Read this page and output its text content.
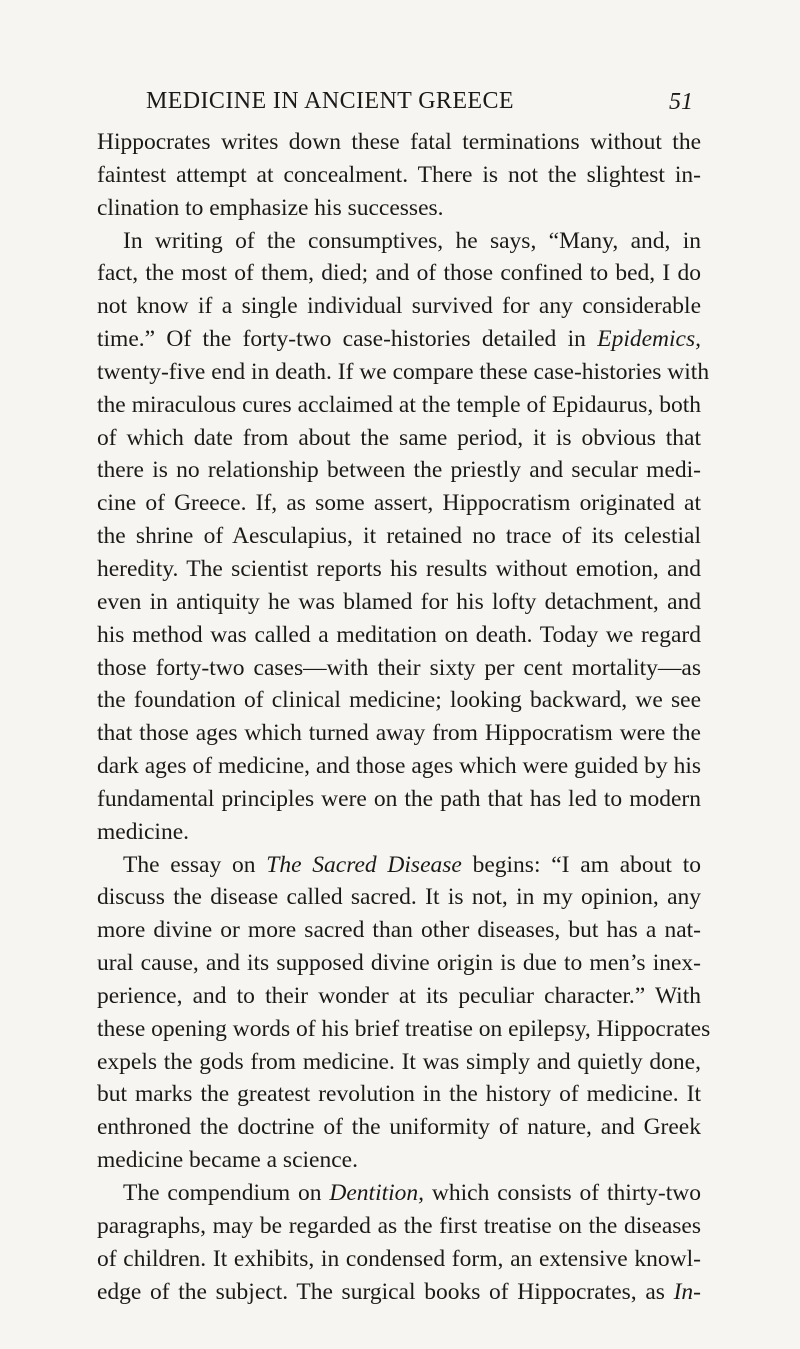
MEDICINE IN ANCIENT GREECE	51
Hippocrates writes down these fatal terminations without the
faintest attempt at concealment. There is not the slightest in-
clination to emphasize his successes.
In writing of the consumptives, he says, “Many, and, in
fact, the most of them, died; and of those confined to bed, I do
not know if a single individual survived for any considerable
time.” Of the forty-two case-histories detailed in Epidemics,
twenty-five end in death. If we compare these case-histories with
the miraculous cures acclaimed at the temple of Epidaurus, both
of which date from about the same period, it is obvious that
there is no relationship between the priestly and secular medi-
cine of Greece. If, as some assert, Hippocratism originated at
the shrine of Aesculapius, it retained no trace of its celestial
heredity. The scientist reports his results without emotion, and
even in antiquity he was blamed for his lofty detachment, and
his method was called a meditation on death. Today we regard
those forty-two cases—with their sixty per cent mortality—as
the foundation of clinical medicine; looking backward, we see
that those ages which turned away from Hippocratism were the
dark ages of medicine, and those ages which were guided by his
fundamental principles were on the path that has led to modern
medicine.
The essay on The Sacred Disease begins: “I am about to
discuss the disease called sacred. It is not, in my opinion, any
more divine or more sacred than other diseases, but has a nat-
ural cause, and its supposed divine origin is due to men’s inex-
perience, and to their wonder at its peculiar character.” With
these opening words of his brief treatise on epilepsy, Hippocrates
expels the gods from medicine. It was simply and quietly done,
but marks the greatest revolution in the history of medicine. It
enthroned the doctrine of the uniformity of nature, and Greek
medicine became a science.
The compendium on Dentition, which consists of thirty-two
paragraphs, may be regarded as the first treatise on the diseases
of children. It exhibits, in condensed form, an extensive knowl-
edge of the subject. The surgical books of Hippocrates, as In-
